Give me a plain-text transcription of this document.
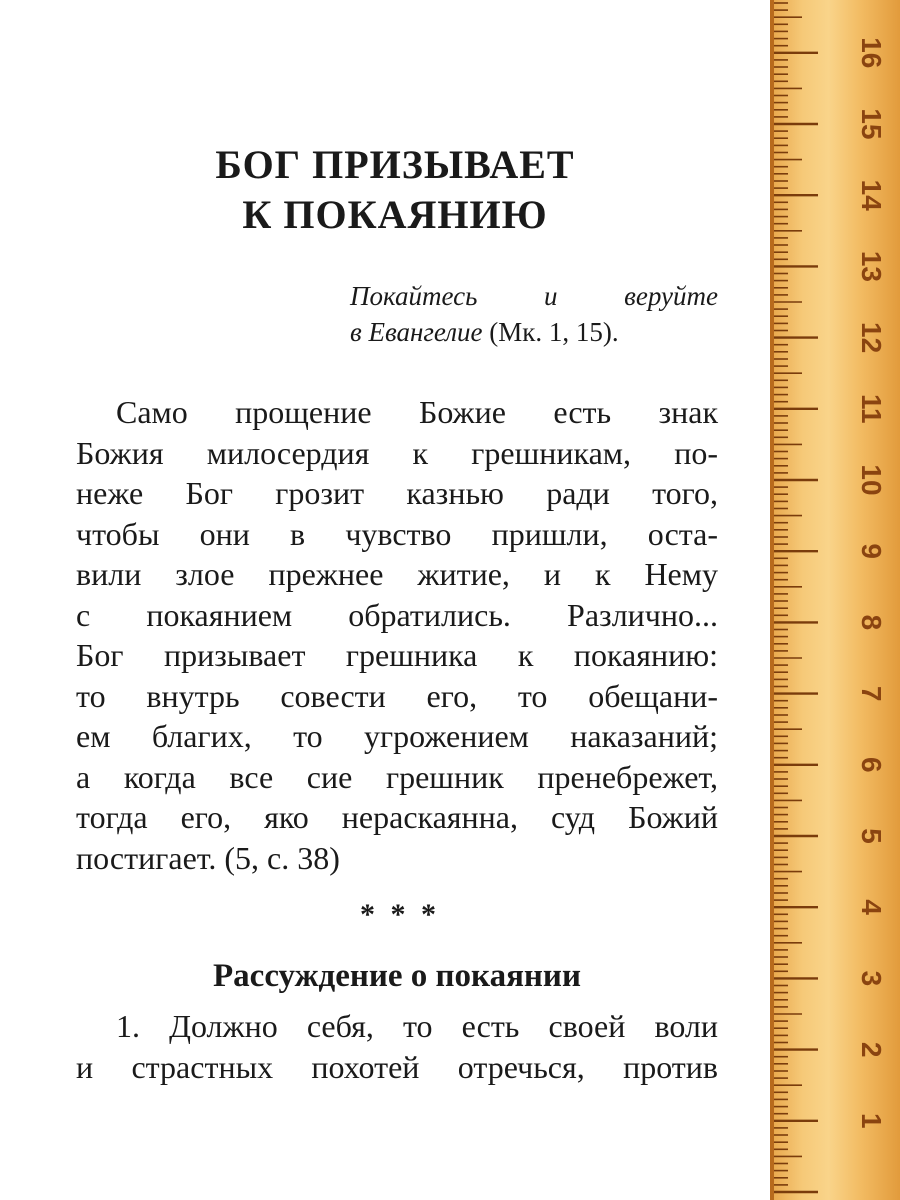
БОГ ПРИЗЫВАЕТ
К ПОКАЯНИЮ
Покайтесь и веруйте
в Евангелие (Мк. 1, 15).
Само прощение Божие есть знак
Божия милосердия к грешникам, по-
неже Бог грозит казнью ради того,
чтобы они в чувство пришли, оста-
вили злое прежнее житие, и к Нему
с покаянием обратились. Различно...
Бог призывает грешника к покаянию:
то внутрь совести его, то обещани-
ем благих, то угрожением наказаний;
а когда все сие грешник пренебрежет,
тогда его, яко нераскаянна, суд Божий
постигает. (5, с. 38)
* * *
Рассуждение о покаянии
1. Должно себя, то есть своей воли
и страстных похотей отречься, против
1
2
3
4
5
6
7
8
9
10
11
12
13
14
15
16
